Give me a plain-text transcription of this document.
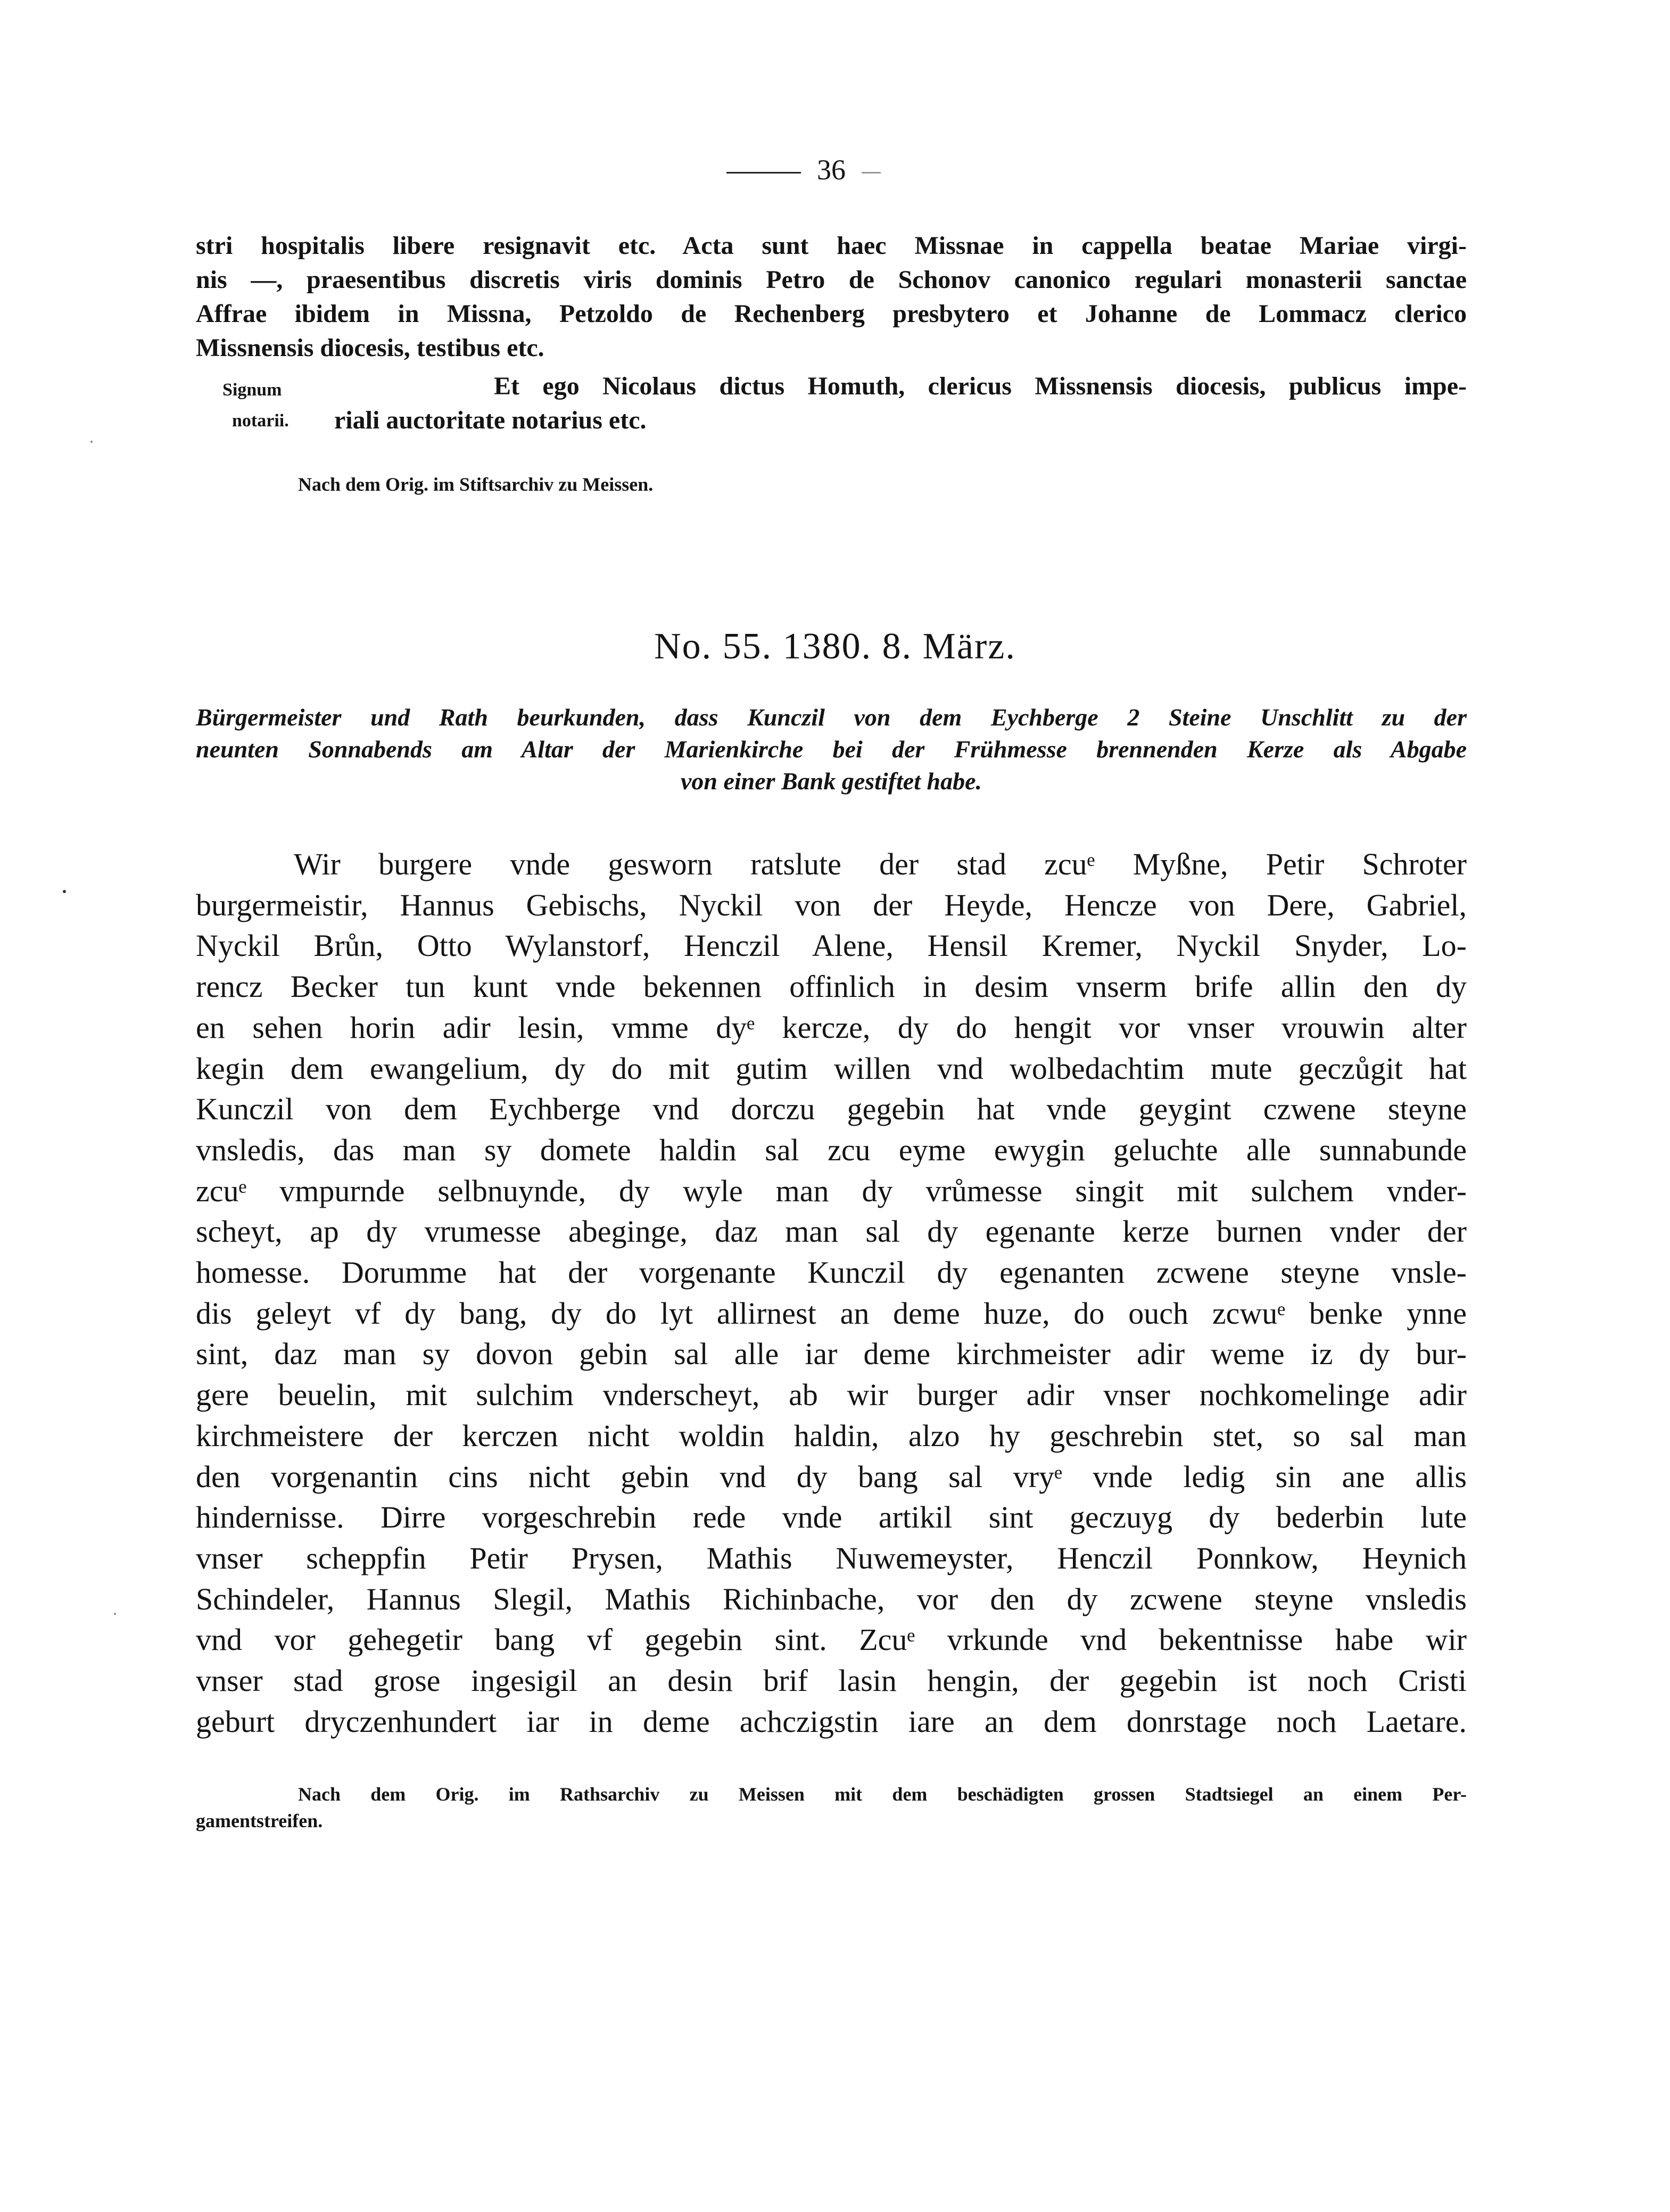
36
stri hospitalis libere resignavit etc. Acta sunt haec Missnae in cappella beatae Mariae virgi-
nis —, praesentibus discretis viris dominis Petro de Schonov canonico regulari monasterii sanctae
Affrae ibidem in Missna, Petzoldo de Rechenberg presbytero et Johanne de Lommacz clerico
Missnensis diocesis, testibus etc.
Signum
notarii.
Et ego Nicolaus dictus Homuth, clericus Missnensis diocesis, publicus impe-
riali auctoritate notarius etc.
Nach dem Orig. im Stiftsarchiv zu Meissen.
No. 55. 1380. 8. März.
Bürgermeister und Rath beurkunden, dass Kunczil von dem Eychberge 2 Steine Unschlitt zu der
neunten Sonnabends am Altar der Marienkirche bei der Frühmesse brennenden Kerze als Abgabe
von einer Bank gestiftet habe.
Wir burgere vnde gesworn ratslute der stad zcuᵉ Myßne, Petir Schroter
burgermeistir, Hannus Gebischs, Nyckil von der Heyde, Hencze von Dere, Gabriel,
Nyckil Brůn, Otto Wylanstorf, Henczil Alene, Hensil Kremer, Nyckil Snyder, Lo-
rencz Becker tun kunt vnde bekennen offinlich in desim vnserm brife allin den dy
en sehen horin adir lesin, vmme dyᵉ kercze, dy do hengit vor vnser vrouwin alter
kegin dem ewangelium, dy do mit gutim willen vnd wolbedachtim mute geczůgit hat
Kunczil von dem Eychberge vnd dorczu gegebin hat vnde geygint czwene steyne
vnsledis, das man sy domete haldin sal zcu eyme ewygin geluchte alle sunnabunde
zcuᵉ vmpurnde selbnuynde, dy wyle man dy vrůmesse singit mit sulchem vnder-
scheyt, ap dy vrumesse abeginge, daz man sal dy egenante kerze burnen vnder der
homesse. Dorumme hat der vorgenante Kunczil dy egenanten zcwene steyne vnsle-
dis geleyt vf dy bang, dy do lyt allirnest an deme huze, do ouch zcwuᵉ benke ynne
sint, daz man sy dovon gebin sal alle iar deme kirchmeister adir weme iz dy bur-
gere beuelin, mit sulchim vnderscheyt, ab wir burger adir vnser nochkomelinge adir
kirchmeistere der kerczen nicht woldin haldin, alzo hy geschrebin stet, so sal man
den vorgenantin cins nicht gebin vnd dy bang sal vryᵉ vnde ledig sin ane allis
hindernisse. Dirre vorgeschrebin rede vnde artikil sint geczuyg dy bederbin lute
vnser scheppfin Petir Prysen, Mathis Nuwemeyster, Henczil Ponnkow, Heynich
Schindeler, Hannus Slegil, Mathis Richinbache, vor den dy zcwene steyne vnsledis
vnd vor gehegetir bang vf gegebin sint. Zcuᵉ vrkunde vnd bekentnisse habe wir
vnser stad grose ingesigil an desin brif lasin hengin, der gegebin ist noch Cristi
geburt dryczenhundert iar in deme achczigstin iare an dem donrstage noch Laetare.
Nach dem Orig. im Rathsarchiv zu Meissen mit dem beschädigten grossen Stadtsiegel an einem Per-
gamentstreifen.
